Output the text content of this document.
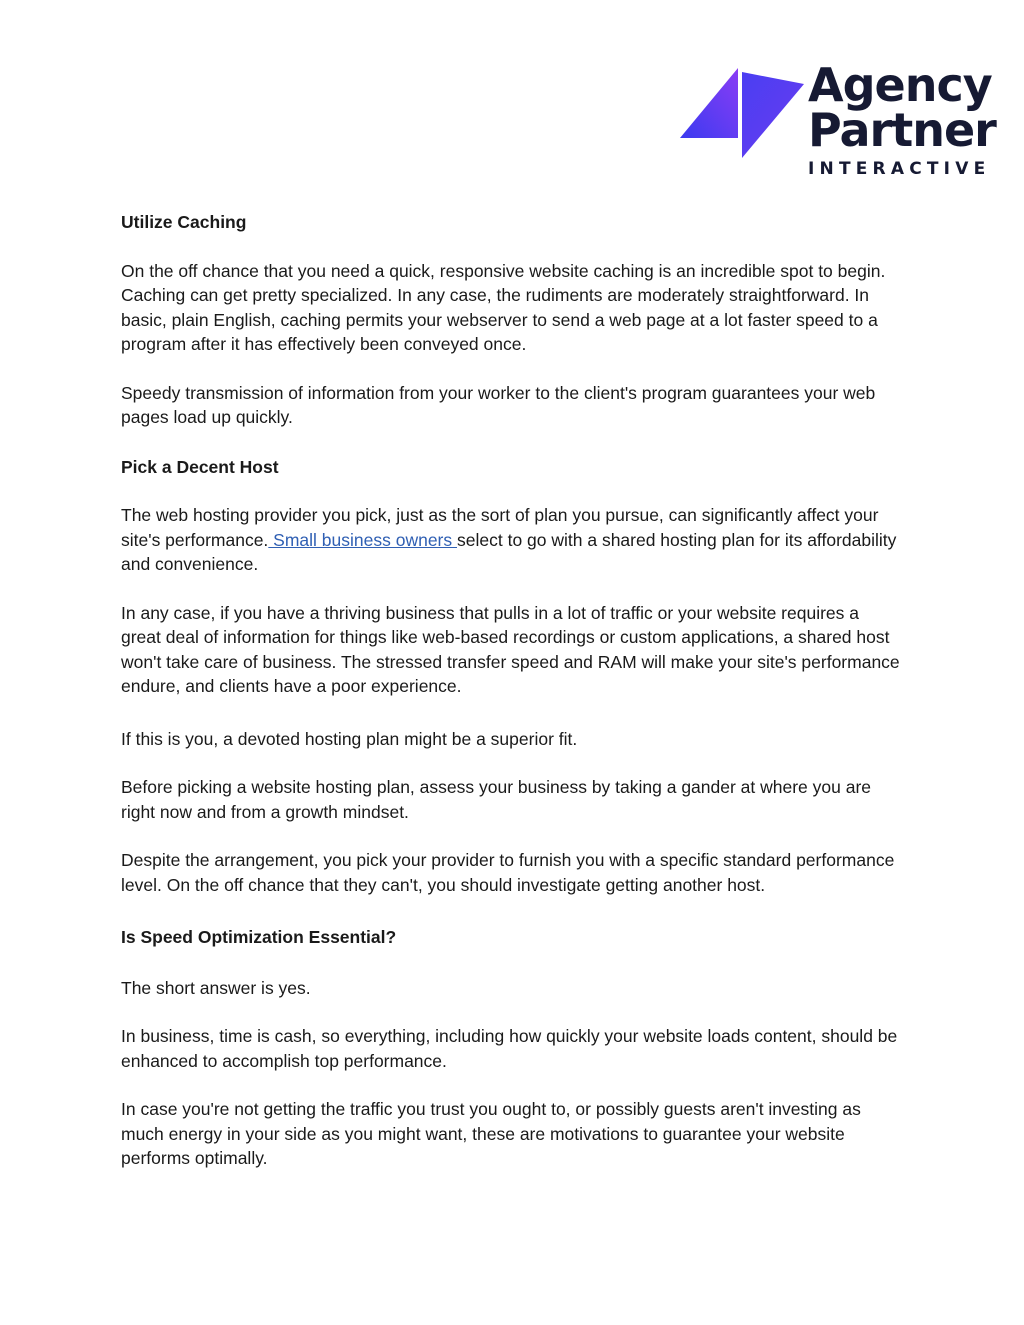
Agency
Partner
INTERACTIVE

Utilize Caching

On the off chance that you need a quick, responsive website caching is an incredible spot to begin. Caching can get pretty specialized. In any case, the rudiments are moderately straightforward. In basic, plain English, caching permits your webserver to send a web page at a lot faster speed to a program after it has effectively been conveyed once.

Speedy transmission of information from your worker to the client's program guarantees your web pages load up quickly.

Pick a Decent Host

The web hosting provider you pick, just as the sort of plan you pursue, can significantly affect your site's performance. Small business owners select to go with a shared hosting plan for its affordability and convenience.

In any case, if you have a thriving business that pulls in a lot of traffic or your website requires a great deal of information for things like web-based recordings or custom applications, a shared host won't take care of business. The stressed transfer speed and RAM will make your site's performance endure, and clients have a poor experience.

If this is you, a devoted hosting plan might be a superior fit.

Before picking a website hosting plan, assess your business by taking a gander at where you are right now and from a growth mindset.

Despite the arrangement, you pick your provider to furnish you with a specific standard performance level. On the off chance that they can't, you should investigate getting another host.

Is Speed Optimization Essential?

The short answer is yes.

In business, time is cash, so everything, including how quickly your website loads content, should be enhanced to accomplish top performance.

In case you're not getting the traffic you trust you ought to, or possibly guests aren't investing as much energy in your side as you might want, these are motivations to guarantee your website performs optimally.
